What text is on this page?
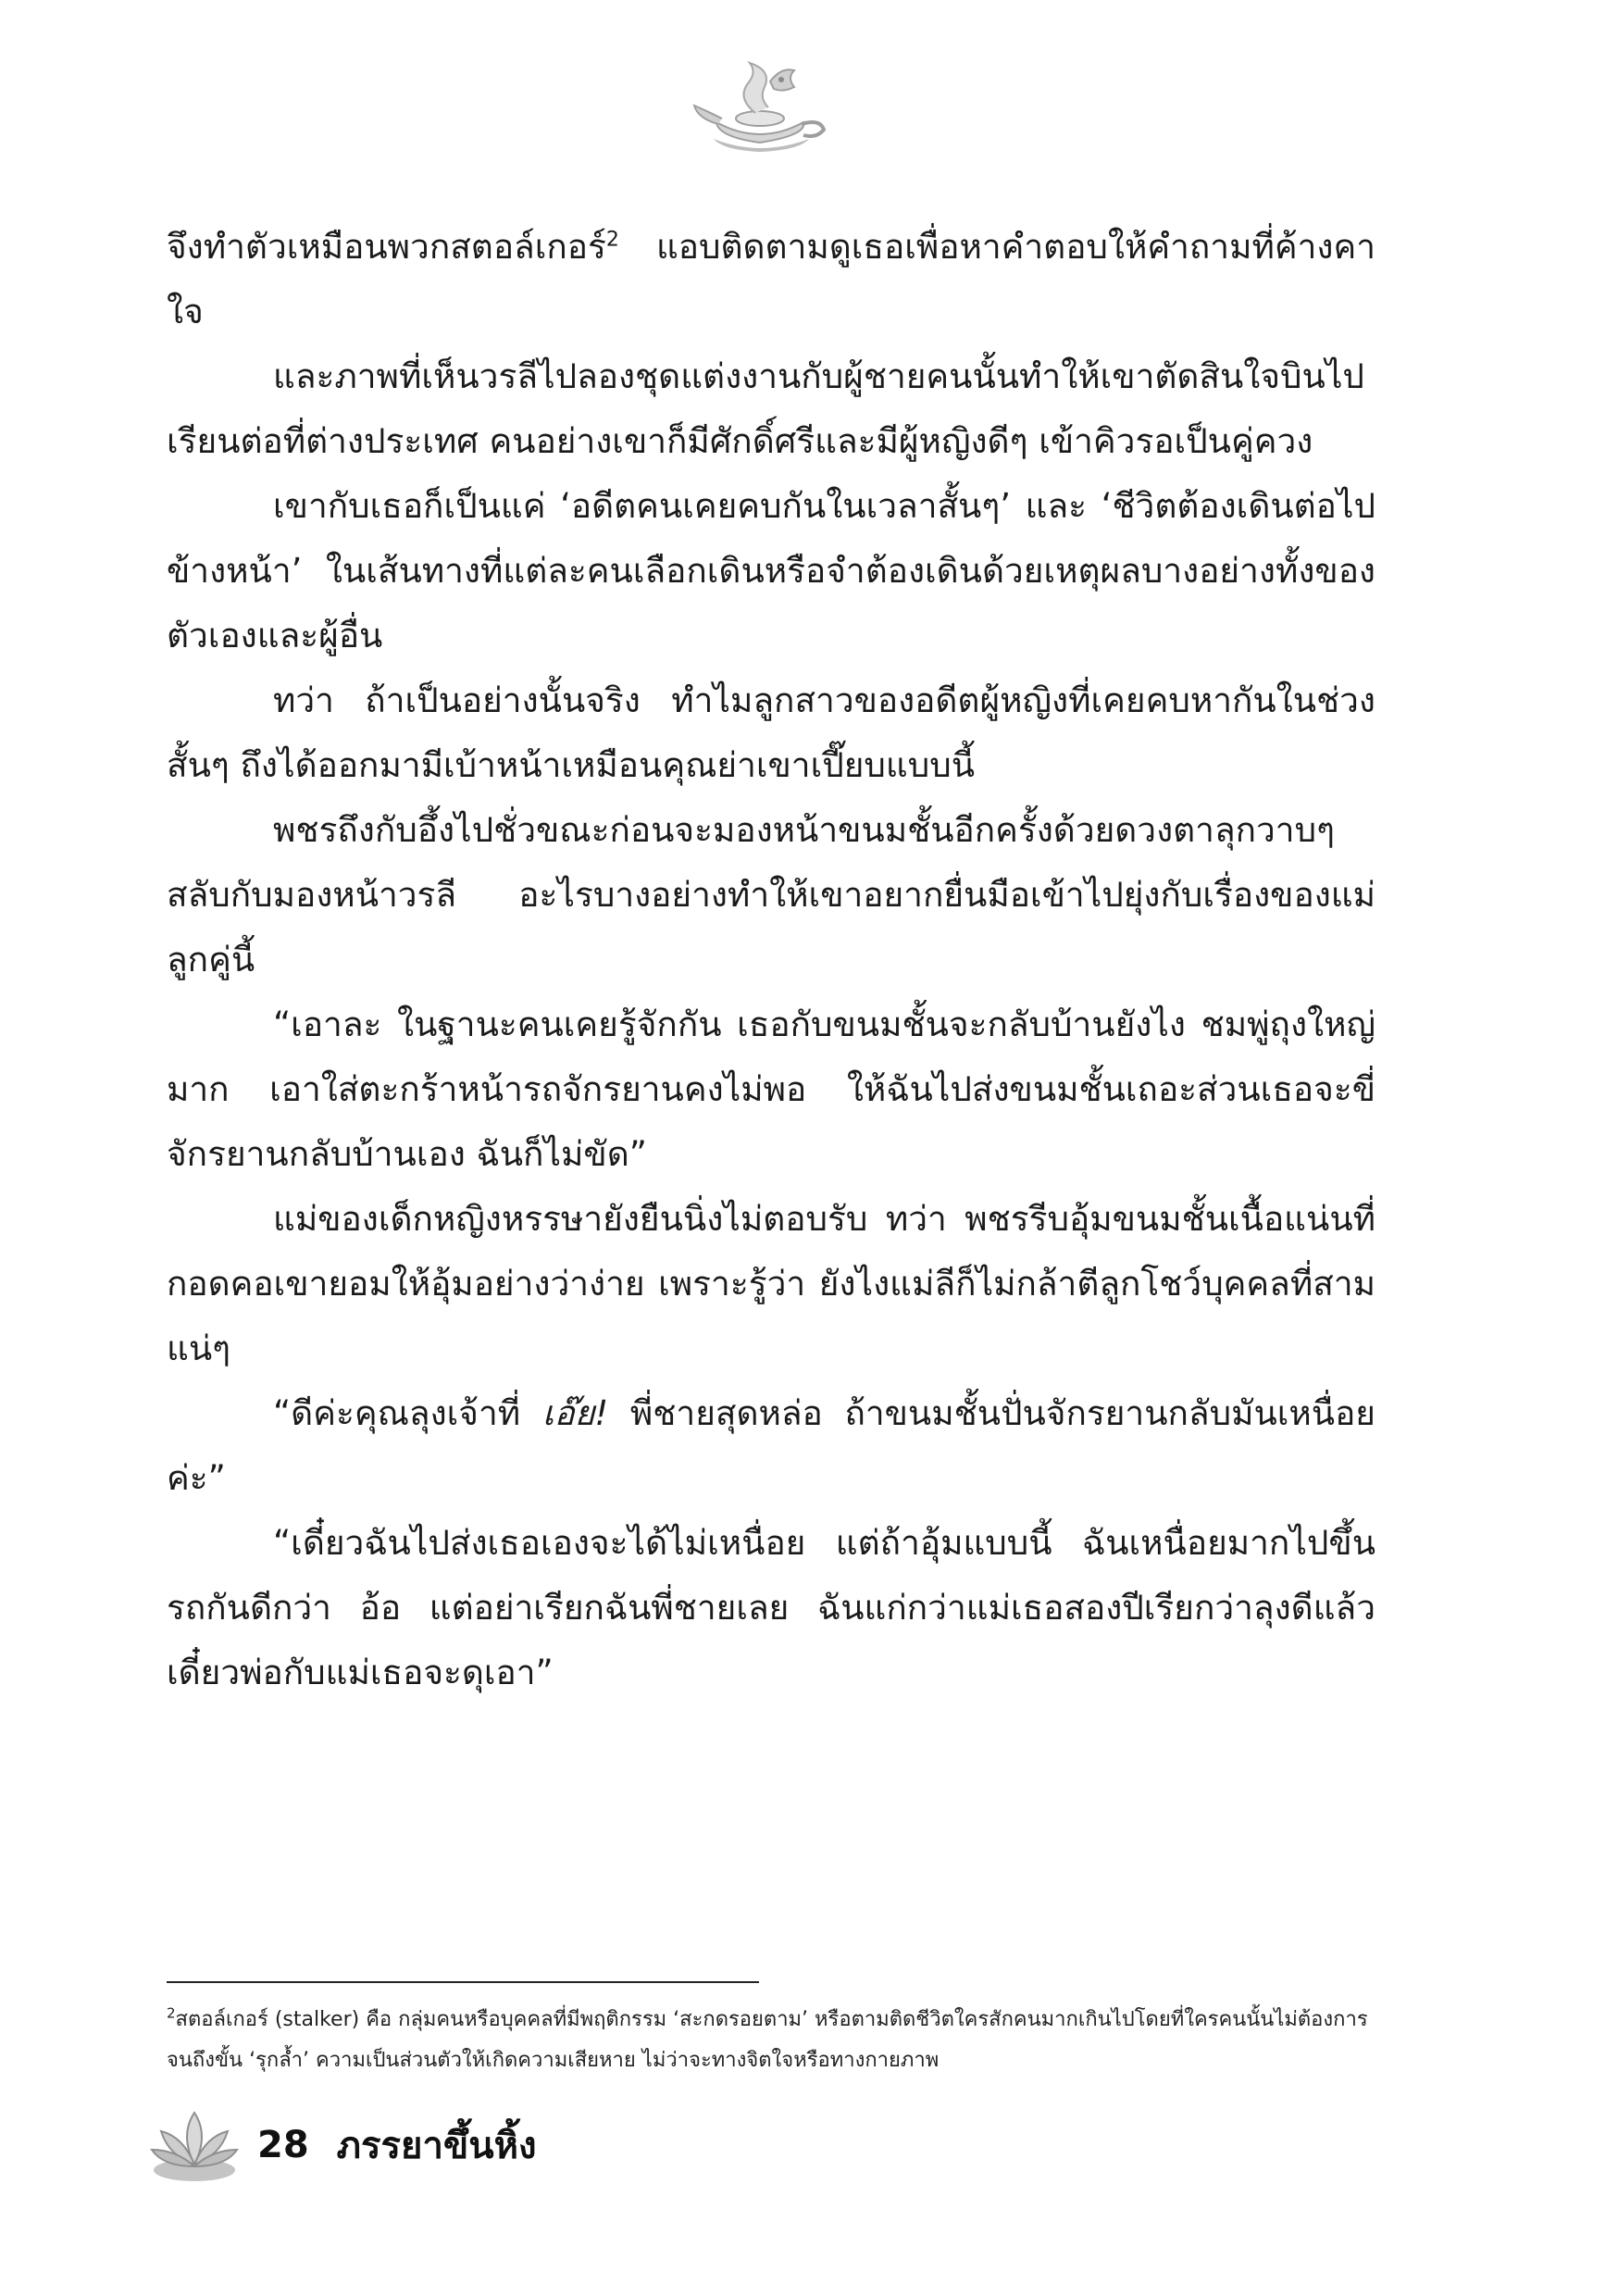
จึงทำตัวเหมือนพวกสตอล์เกอร์$^2$ แอบติดตามดูเธอเพื่อหาคำตอบให้คำถามที่ค้างคาใจ

และภาพที่เห็นวรลีไปลองชุดแต่งงานกับผู้ชายคนนั้นทำให้เขาตัดสินใจบินไปเรียนต่อที่ต่างประเทศ คนอย่างเขาก็มีศักดิ์ศรีและมีผู้หญิงดีๆ เข้าคิวรอเป็นคู่ควง

เขากับเธอก็เป็นแค่ ‘อดีตคนเคยคบกันในเวลาสั้นๆ’ และ ‘ชีวิตต้องเดินต่อไปข้างหน้า’ ในเส้นทางที่แต่ละคนเลือกเดินหรือจำต้องเดินด้วยเหตุผลบางอย่างทั้งของตัวเองและผู้อื่น

ทว่า ถ้าเป็นอย่างนั้นจริง ทำไมลูกสาวของอดีตผู้หญิงที่เคยคบหากันในช่วงสั้นๆ ถึงได้ออกมามีเบ้าหน้าเหมือนคุณย่าเขาเปี๊ยบแบบนี้

พชรถึงกับอึ้งไปชั่วขณะก่อนจะมองหน้าขนมชั้นอีกครั้งด้วยดวงตาลุกวาบๆ สลับกับมองหน้าวรลี อะไรบางอย่างทำให้เขาอยากยื่นมือเข้าไปยุ่งกับเรื่องของแม่ลูกคู่นี้

“เอาละ ในฐานะคนเคยรู้จักกัน เธอกับขนมชั้นจะกลับบ้านยังไง ชมพู่ถุงใหญ่มาก เอาใส่ตะกร้าหน้ารถจักรยานคงไม่พอ ให้ฉันไปส่งขนมชั้นเถอะส่วนเธอจะขี่จักรยานกลับบ้านเอง ฉันก็ไม่ขัด”

แม่ของเด็กหญิงหรรษายังยืนนิ่งไม่ตอบรับ ทว่า พชรรีบอุ้มขนมชั้นเนื้อแน่นที่กอดคอเขายอมให้อุ้มอย่างว่าง่าย เพราะรู้ว่า ยังไงแม่ลีก็ไม่กล้าตีลูกโชว์บุคคลที่สามแน่ๆ

“ดีค่ะคุณลุงเจ้าที่ เอ๊ย! พี่ชายสุดหล่อ ถ้าขนมชั้นปั่นจักรยานกลับมันเหนื่อยค่ะ”

“เดี๋ยวฉันไปส่งเธอเองจะได้ไม่เหนื่อย แต่ถ้าอุ้มแบบนี้ ฉันเหนื่อยมากไปขึ้นรถกันดีกว่า อ้อ แต่อย่าเรียกฉันพี่ชายเลย ฉันแก่กว่าแม่เธอสองปีเรียกว่าลุงดีแล้ว เดี๋ยวพ่อกับแม่เธอจะดุเอา”

$^2$สตอล์เกอร์ (stalker) คือ กลุ่มคนหรือบุคคลที่มีพฤติกรรม ‘สะกดรอยตาม’ หรือตามติดชีวิตใครสักคนมากเกินไปโดยที่ใครคนนั้นไม่ต้องการ จนถึงขั้น ‘รุกล้ำ’ ความเป็นส่วนตัวให้เกิดความเสียหาย ไม่ว่าจะทางจิตใจหรือทางกายภาพ
28 ภรรยาขึ้นหิ้ง
